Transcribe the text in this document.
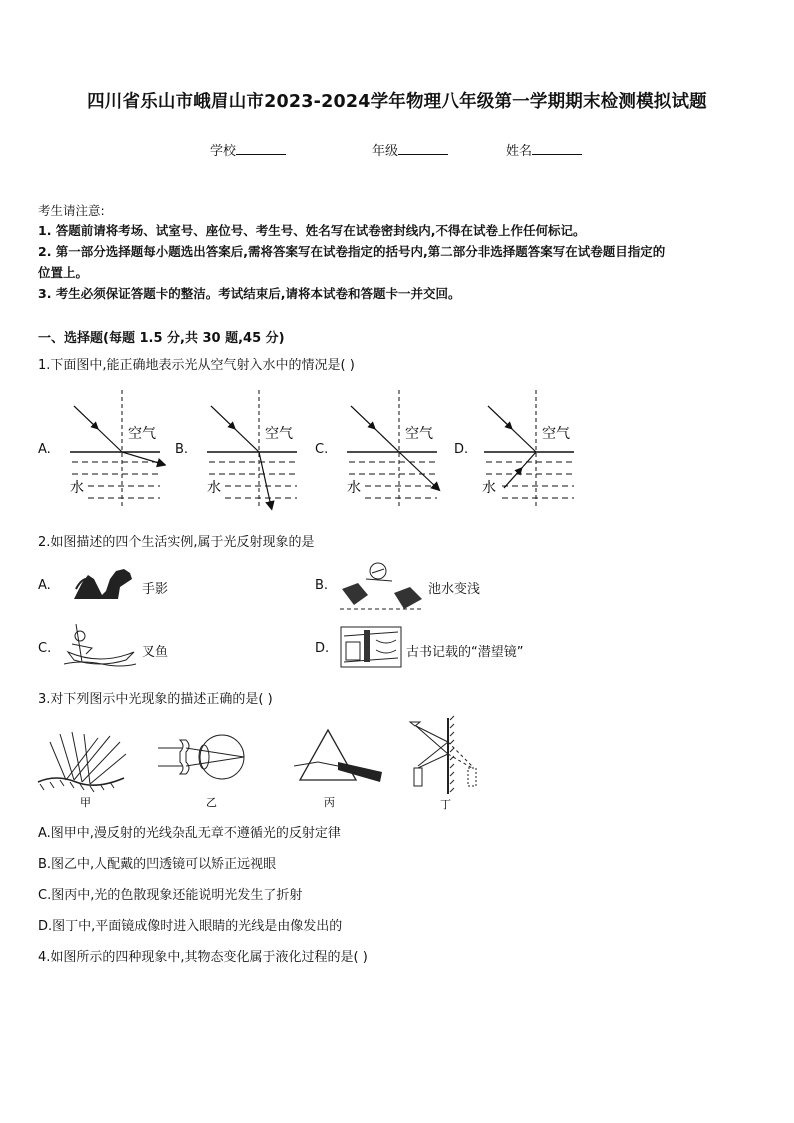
四川省乐山市峨眉山市2023-2024学年物理八年级第一学期期末检测模拟试题
学校	年级	姓名
考生请注意:
1. 答题前请将考场、试室号、座位号、考生号、姓名写在试卷密封线内,不得在试卷上作任何标记。
2. 第一部分选择题每小题选出答案后,需将答案写在试卷指定的括号内,第二部分非选择题答案写在试卷题目指定的
位置上。
3. 考生必须保证答题卡的整洁。考试结束后,请将本试卷和答题卡一并交回。
一、选择题(每题 1.5 分,共 30 题,45 分)
1.下面图中,能正确地表示光从空气射入水中的情况是( )
A.	B.	C.	D.
空气
水
空气
水
空气
水
空气
水
2.如图描述的四个生活实例,属于光反射现象的是
A.	手影	B.	池水变浅
C.	叉鱼	D.	古书记载的“潜望镜”
3.对下列图示中光现象的描述正确的是( )
甲	乙	丙	丁
A.图甲中,漫反射的光线杂乱无章不遵循光的反射定律
B.图乙中,人配戴的凹透镜可以矫正远视眼
C.图丙中,光的色散现象还能说明光发生了折射
D.图丁中,平面镜成像时进入眼睛的光线是由像发出的
4.如图所示的四种现象中,其物态变化属于液化过程的是( )
